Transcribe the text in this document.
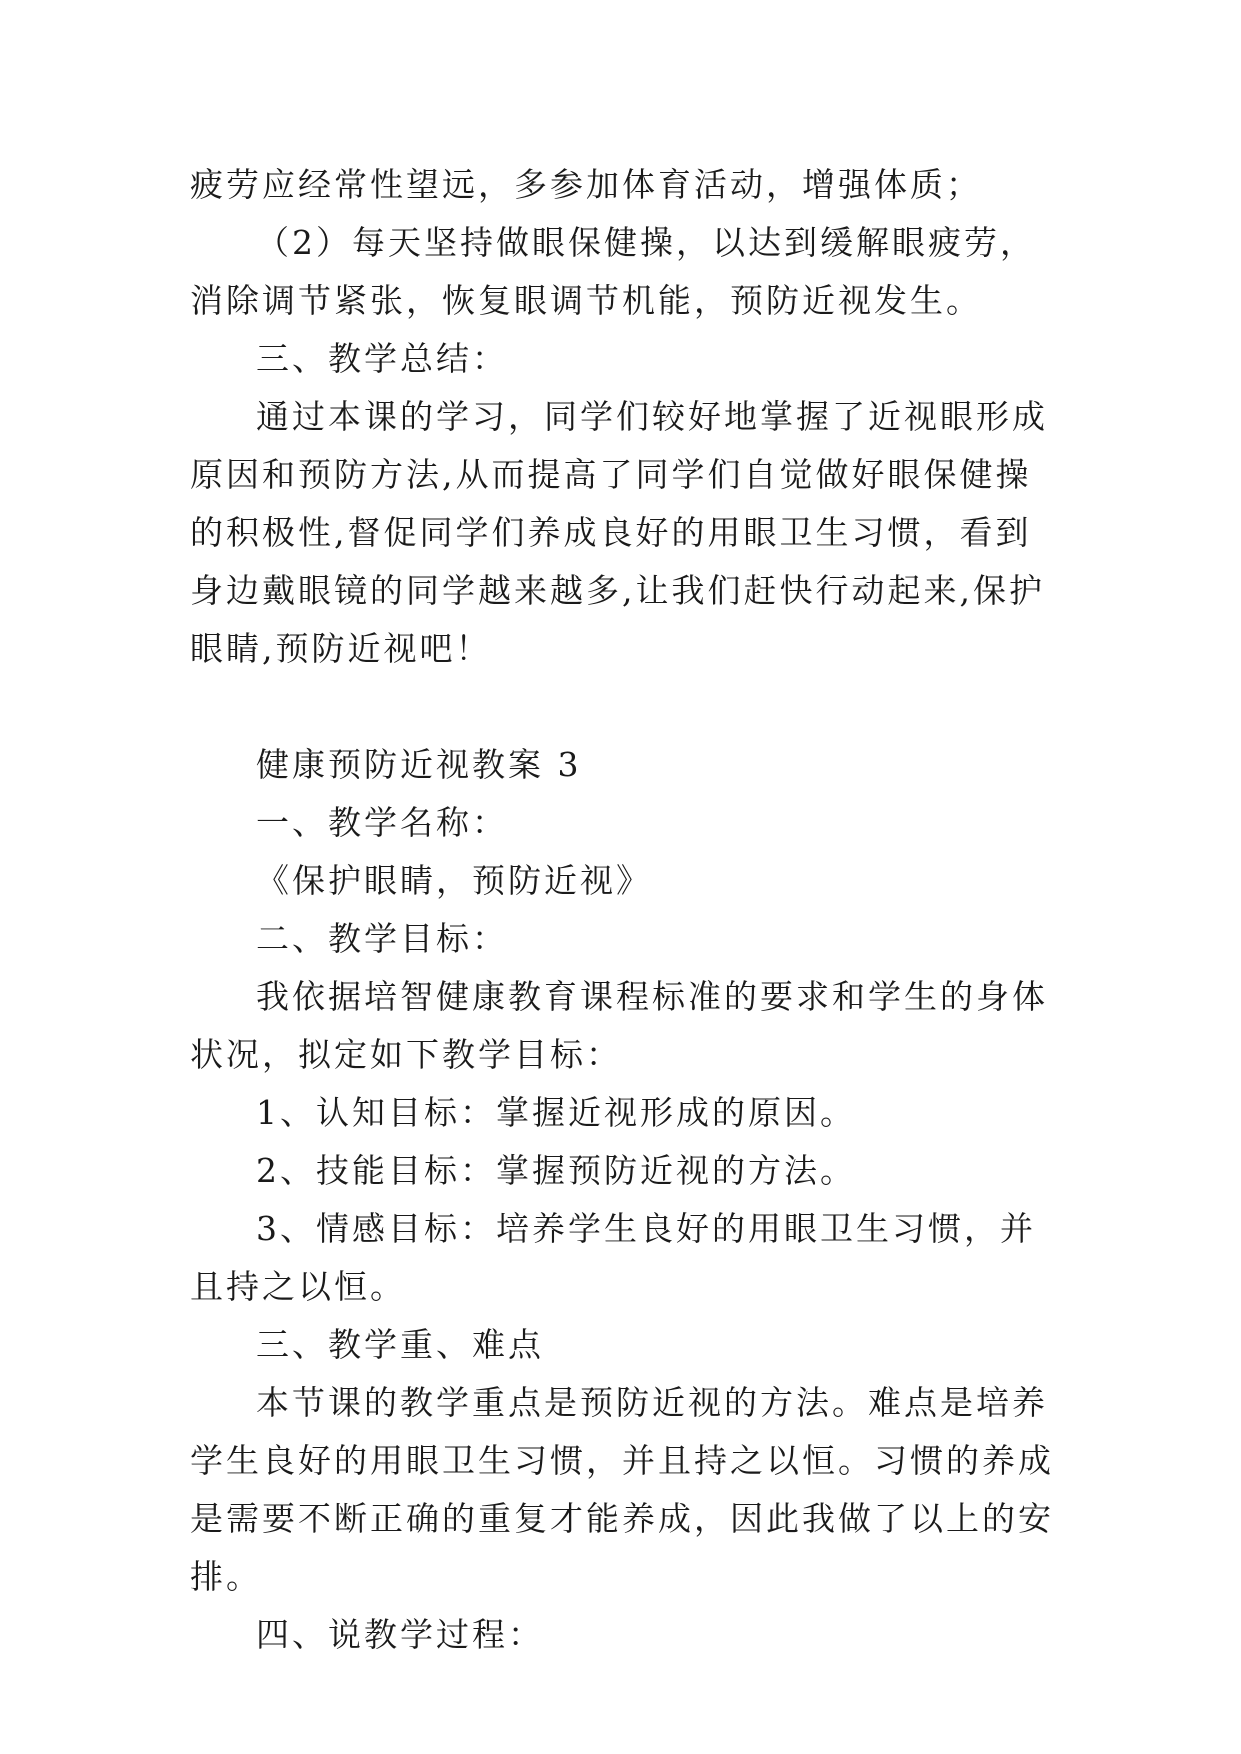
疲劳应经常性望远，多参加体育活动，增强体质；

（2）每天坚持做眼保健操，以达到缓解眼疲劳，消除调节紧张，恢复眼调节机能，预防近视发生。

三、教学总结：

通过本课的学习，同学们较好地掌握了近视眼形成原因和预防方法,从而提高了同学们自觉做好眼保健操的积极性,督促同学们养成良好的用眼卫生习惯，看到身边戴眼镜的同学越来越多,让我们赶快行动起来,保护眼睛,预防近视吧！

健康预防近视教案 3

一、教学名称：

《保护眼睛，预防近视》

二、教学目标：

我依据培智健康教育课程标准的要求和学生的身体状况，拟定如下教学目标：

1、认知目标：掌握近视形成的原因。

2、技能目标：掌握预防近视的方法。

3、情感目标：培养学生良好的用眼卫生习惯，并且持之以恒。

三、教学重、难点

本节课的教学重点是预防近视的方法。难点是培养学生良好的用眼卫生习惯，并且持之以恒。习惯的养成是需要不断正确的重复才能养成，因此我做了以上的安排。

四、说教学过程：
